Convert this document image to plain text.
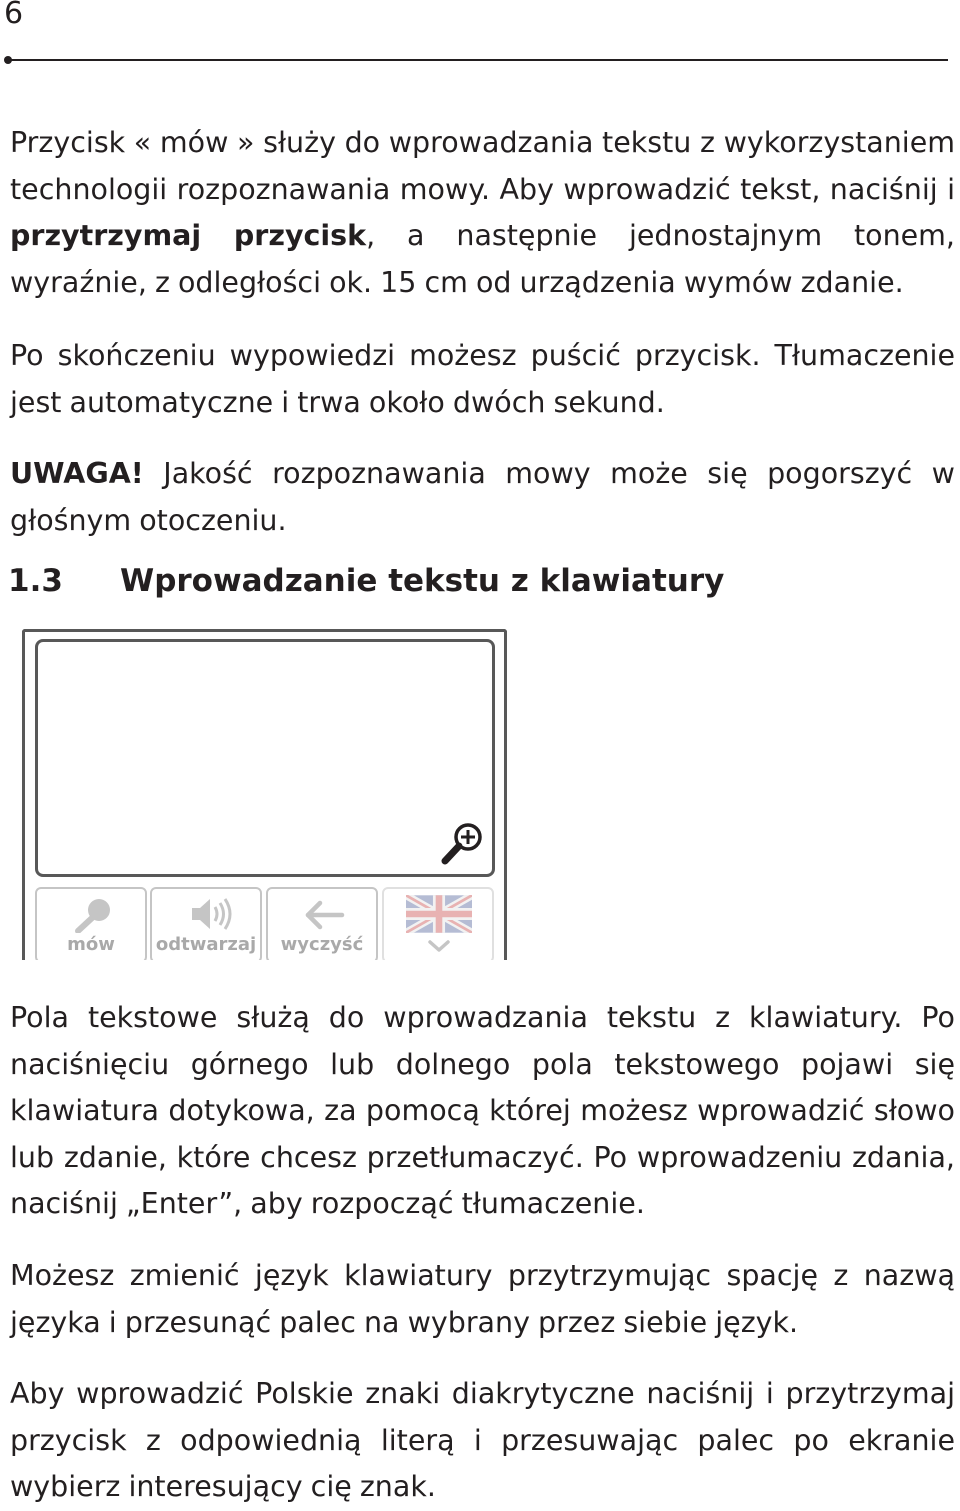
6
Przycisk « mów » służy do wprowadzania tekstu z wykorzystaniem technologii rozpoznawania mowy. Aby wprowadzić tekst, naciśnij i przytrzymaj przycisk, a następnie jednostajnym tonem, wyraźnie, z odległości ok. 15 cm od urządzenia wymów zdanie.
Po skończeniu wypowiedzi możesz puścić przycisk. Tłumaczenie jest automatyczne i trwa około dwóch sekund.
UWAGA! Jakość rozpoznawania mowy może się pogorszyć w głośnym otoczeniu.
1.3 Wprowadzanie tekstu z klawiatury
mów	odtwarzaj	wyczyść
Pola tekstowe służą do wprowadzania tekstu z klawiatury. Po naciśnięciu górnego lub dolnego pola tekstowego pojawi się klawiatura dotykowa, za pomocą której możesz wprowadzić słowo lub zdanie, które chcesz przetłumaczyć. Po wprowadzeniu zdania, naciśnij „Enter”, aby rozpocząć tłumaczenie.
Możesz zmienić język klawiatury przytrzymując spację z nazwą języka i przesunąć palec na wybrany przez siebie język.
Aby wprowadzić Polskie znaki diakrytyczne naciśnij i przytrzymaj przycisk z odpowiednią literą i przesuwając palec po ekranie wybierz interesujący cię znak.
